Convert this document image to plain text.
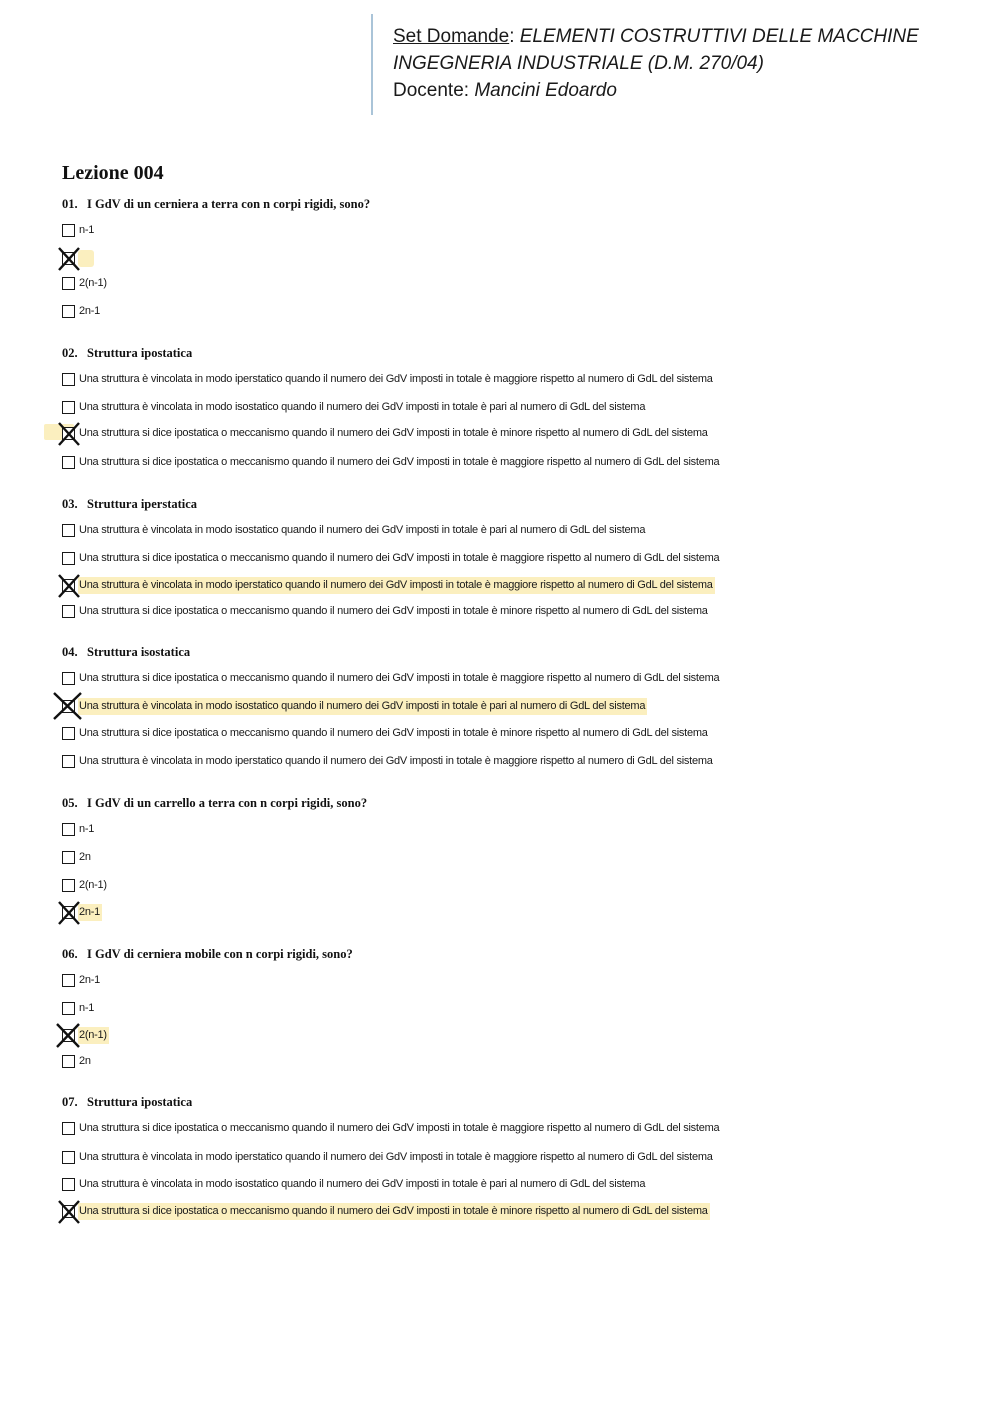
Set Domande: ELEMENTI COSTRUTTIVI DELLE MACCHINE
INGEGNERIA INDUSTRIALE (D.M. 270/04)
Docente: Mancini Edoardo
Lezione 004
01. I GdV di un cerniera a terra con n corpi rigidi, sono?
n-1
2(n-1)
2n-1
02. Struttura ipostatica
Una struttura è vincolata in modo iperstatico quando il numero dei GdV imposti in totale è maggiore rispetto al numero di GdL del sistema
Una struttura è vincolata in modo isostatico quando il numero dei GdV imposti in totale è pari al numero di GdL del sistema
Una struttura si dice ipostatica o meccanismo quando il numero dei GdV imposti in totale è minore rispetto al numero di GdL del sistema
Una struttura si dice ipostatica o meccanismo quando il numero dei GdV imposti in totale è maggiore rispetto al numero di GdL del sistema
03. Struttura iperstatica
Una struttura è vincolata in modo isostatico quando il numero dei GdV imposti in totale è pari al numero di GdL del sistema
Una struttura si dice ipostatica o meccanismo quando il numero dei GdV imposti in totale è maggiore rispetto al numero di GdL del sistema
Una struttura è vincolata in modo iperstatico quando il numero dei GdV imposti in totale è maggiore rispetto al numero di GdL del sistema
Una struttura si dice ipostatica o meccanismo quando il numero dei GdV imposti in totale è minore rispetto al numero di GdL del sistema
04. Struttura isostatica
Una struttura si dice ipostatica o meccanismo quando il numero dei GdV imposti in totale è maggiore rispetto al numero di GdL del sistema
Una struttura è vincolata in modo isostatico quando il numero dei GdV imposti in totale è pari al numero di GdL del sistema
Una struttura si dice ipostatica o meccanismo quando il numero dei GdV imposti in totale è minore rispetto al numero di GdL del sistema
Una struttura è vincolata in modo iperstatico quando il numero dei GdV imposti in totale è maggiore rispetto al numero di GdL del sistema
05. I GdV di un carrello a terra con n corpi rigidi, sono?
n-1
2n
2(n-1)
2n-1
06. I GdV di cerniera mobile con n corpi rigidi, sono?
2n-1
n-1
2(n-1)
2n
07. Struttura ipostatica
Una struttura si dice ipostatica o meccanismo quando il numero dei GdV imposti in totale è maggiore rispetto al numero di GdL del sistema
Una struttura è vincolata in modo iperstatico quando il numero dei GdV imposti in totale è maggiore rispetto al numero di GdL del sistema
Una struttura è vincolata in modo isostatico quando il numero dei GdV imposti in totale è pari al numero di GdL del sistema
Una struttura si dice ipostatica o meccanismo quando il numero dei GdV imposti in totale è minore rispetto al numero di GdL del sistema
